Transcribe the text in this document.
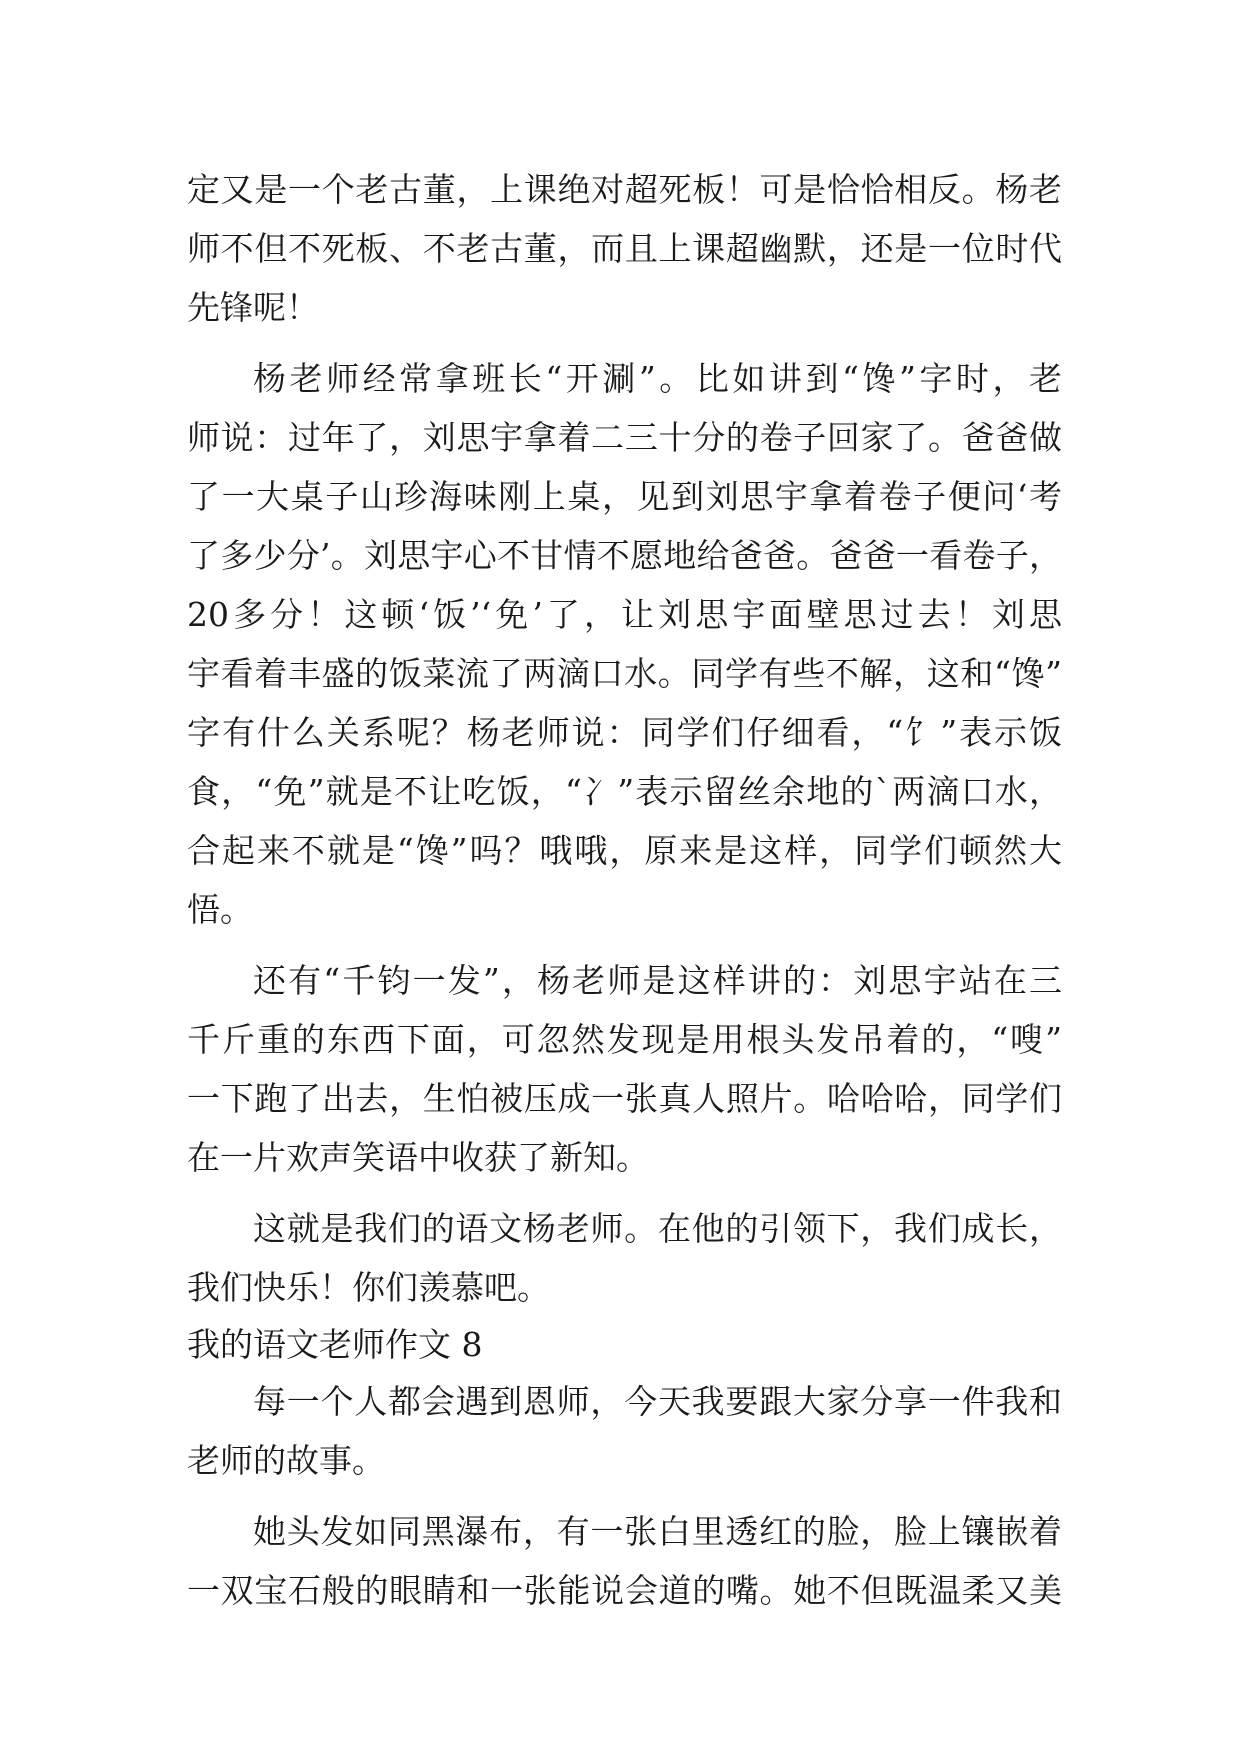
定又是一个老古董，上课绝对超死板！可是恰恰相反。杨老
师不但不死板、不老古董，而且上课超幽默，还是一位时代
先锋呢！
杨老师经常拿班长“开涮”。比如讲到“馋”字时，老
师说：过年了，刘思宇拿着二三十分的卷子回家了。爸爸做
了一大桌子山珍海味刚上桌，见到刘思宇拿着卷子便问‘考
了多少分’。刘思宇心不甘情不愿地给爸爸。爸爸一看卷子，
20多分！这顿‘饭’‘免’了，让刘思宇面壁思过去！刘思
宇看着丰盛的饭菜流了两滴口水。同学有些不解，这和“馋”
字有什么关系呢？杨老师说：同学们仔细看，“饣”表示饭
食，“免”就是不让吃饭，“冫”表示留丝余地的`两滴口水，
合起来不就是“馋”吗？哦哦，原来是这样，同学们顿然大
悟。
还有“千钧一发”，杨老师是这样讲的：刘思宇站在三
千斤重的东西下面，可忽然发现是用根头发吊着的，“嗖”
一下跑了出去，生怕被压成一张真人照片。哈哈哈，同学们
在一片欢声笑语中收获了新知。
这就是我们的语文杨老师。在他的引领下，我们成长，
我们快乐！你们羡慕吧。
我的语文老师作文 8
每一个人都会遇到恩师，今天我要跟大家分享一件我和
老师的故事。
她头发如同黑瀑布，有一张白里透红的脸，脸上镶嵌着
一双宝石般的眼睛和一张能说会道的嘴。她不但既温柔又美
